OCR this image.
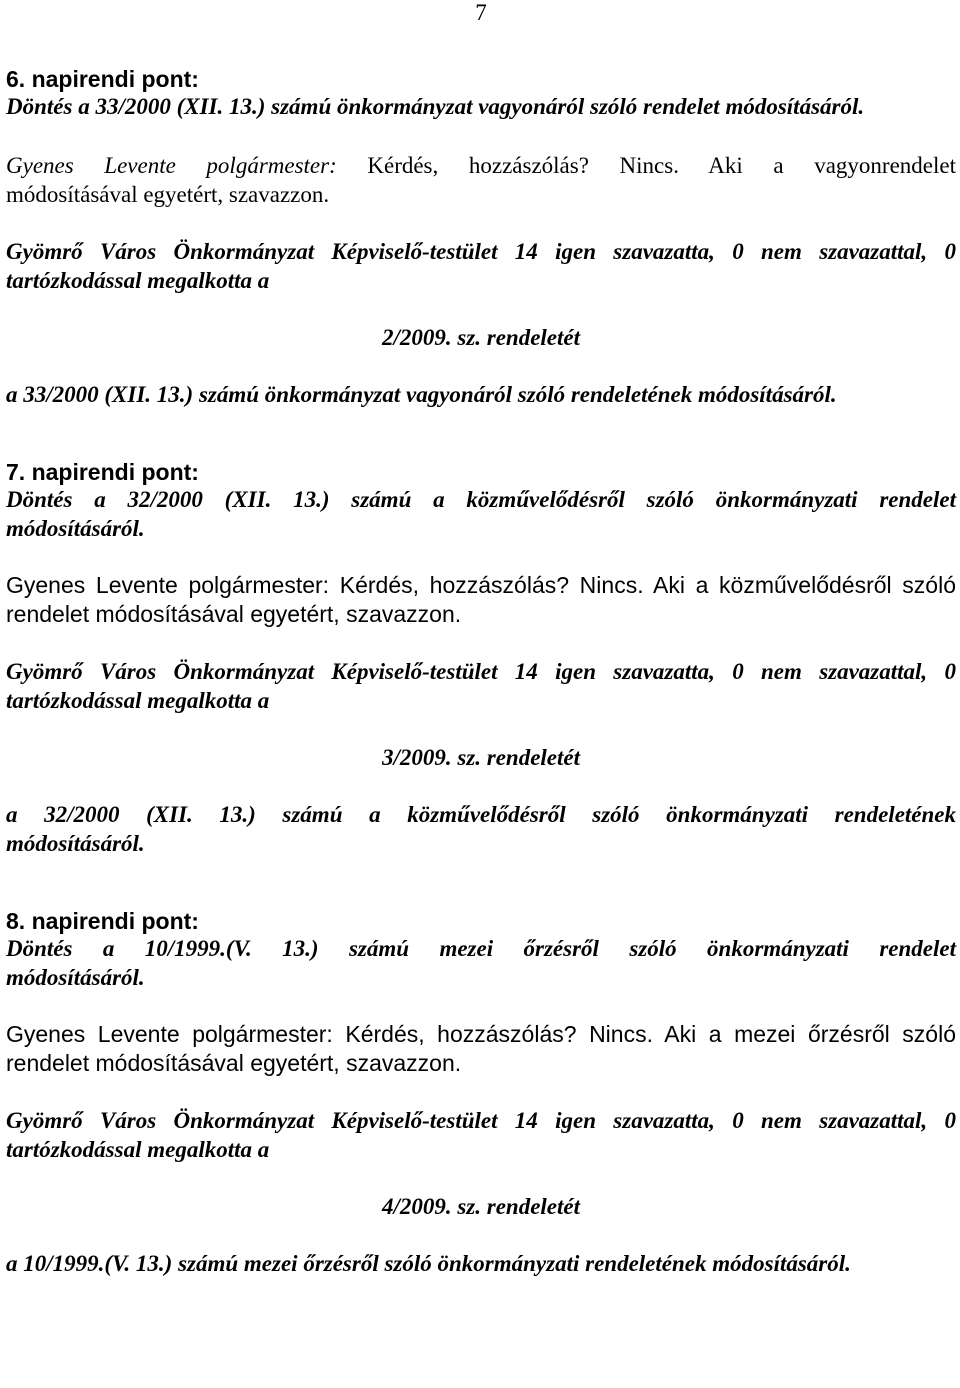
7
6. napirendi pont:
Döntés a 33/2000 (XII. 13.) számú önkormányzat vagyonáról szóló rendelet módosításáról.
Gyenes Levente polgármester: Kérdés, hozzászólás? Nincs. Aki a vagyonrendelet
módosításával egyetért, szavazzon.
Gyömrő Város Önkormányzat Képviselő-testület 14 igen szavazatta, 0 nem szavazattal, 0
tartózkodással megalkotta a
2/2009. sz. rendeletét
a 33/2000 (XII. 13.) számú önkormányzat vagyonáról szóló rendeletének módosításáról.
7. napirendi pont:
Döntés a 32/2000 (XII. 13.) számú a közművelődésről szóló önkormányzati rendelet
módosításáról.
Gyenes Levente polgármester: Kérdés, hozzászólás? Nincs. Aki a közművelődésről szóló
rendelet módosításával egyetért, szavazzon.
Gyömrő Város Önkormányzat Képviselő-testület 14 igen szavazatta, 0 nem szavazattal, 0
tartózkodással megalkotta a
3/2009. sz. rendeletét
a 32/2000 (XII. 13.) számú a közművelődésről szóló önkormányzati rendeletének
módosításáról.
8. napirendi pont:
Döntés a 10/1999.(V. 13.) számú mezei őrzésről szóló önkormányzati rendelet
módosításáról.
Gyenes Levente polgármester: Kérdés, hozzászólás? Nincs. Aki a mezei őrzésről szóló
rendelet módosításával egyetért, szavazzon.
Gyömrő Város Önkormányzat Képviselő-testület 14 igen szavazatta, 0 nem szavazattal, 0
tartózkodással megalkotta a
4/2009. sz. rendeletét
a 10/1999.(V. 13.) számú mezei őrzésről szóló önkormányzati rendeletének módosításáról.
